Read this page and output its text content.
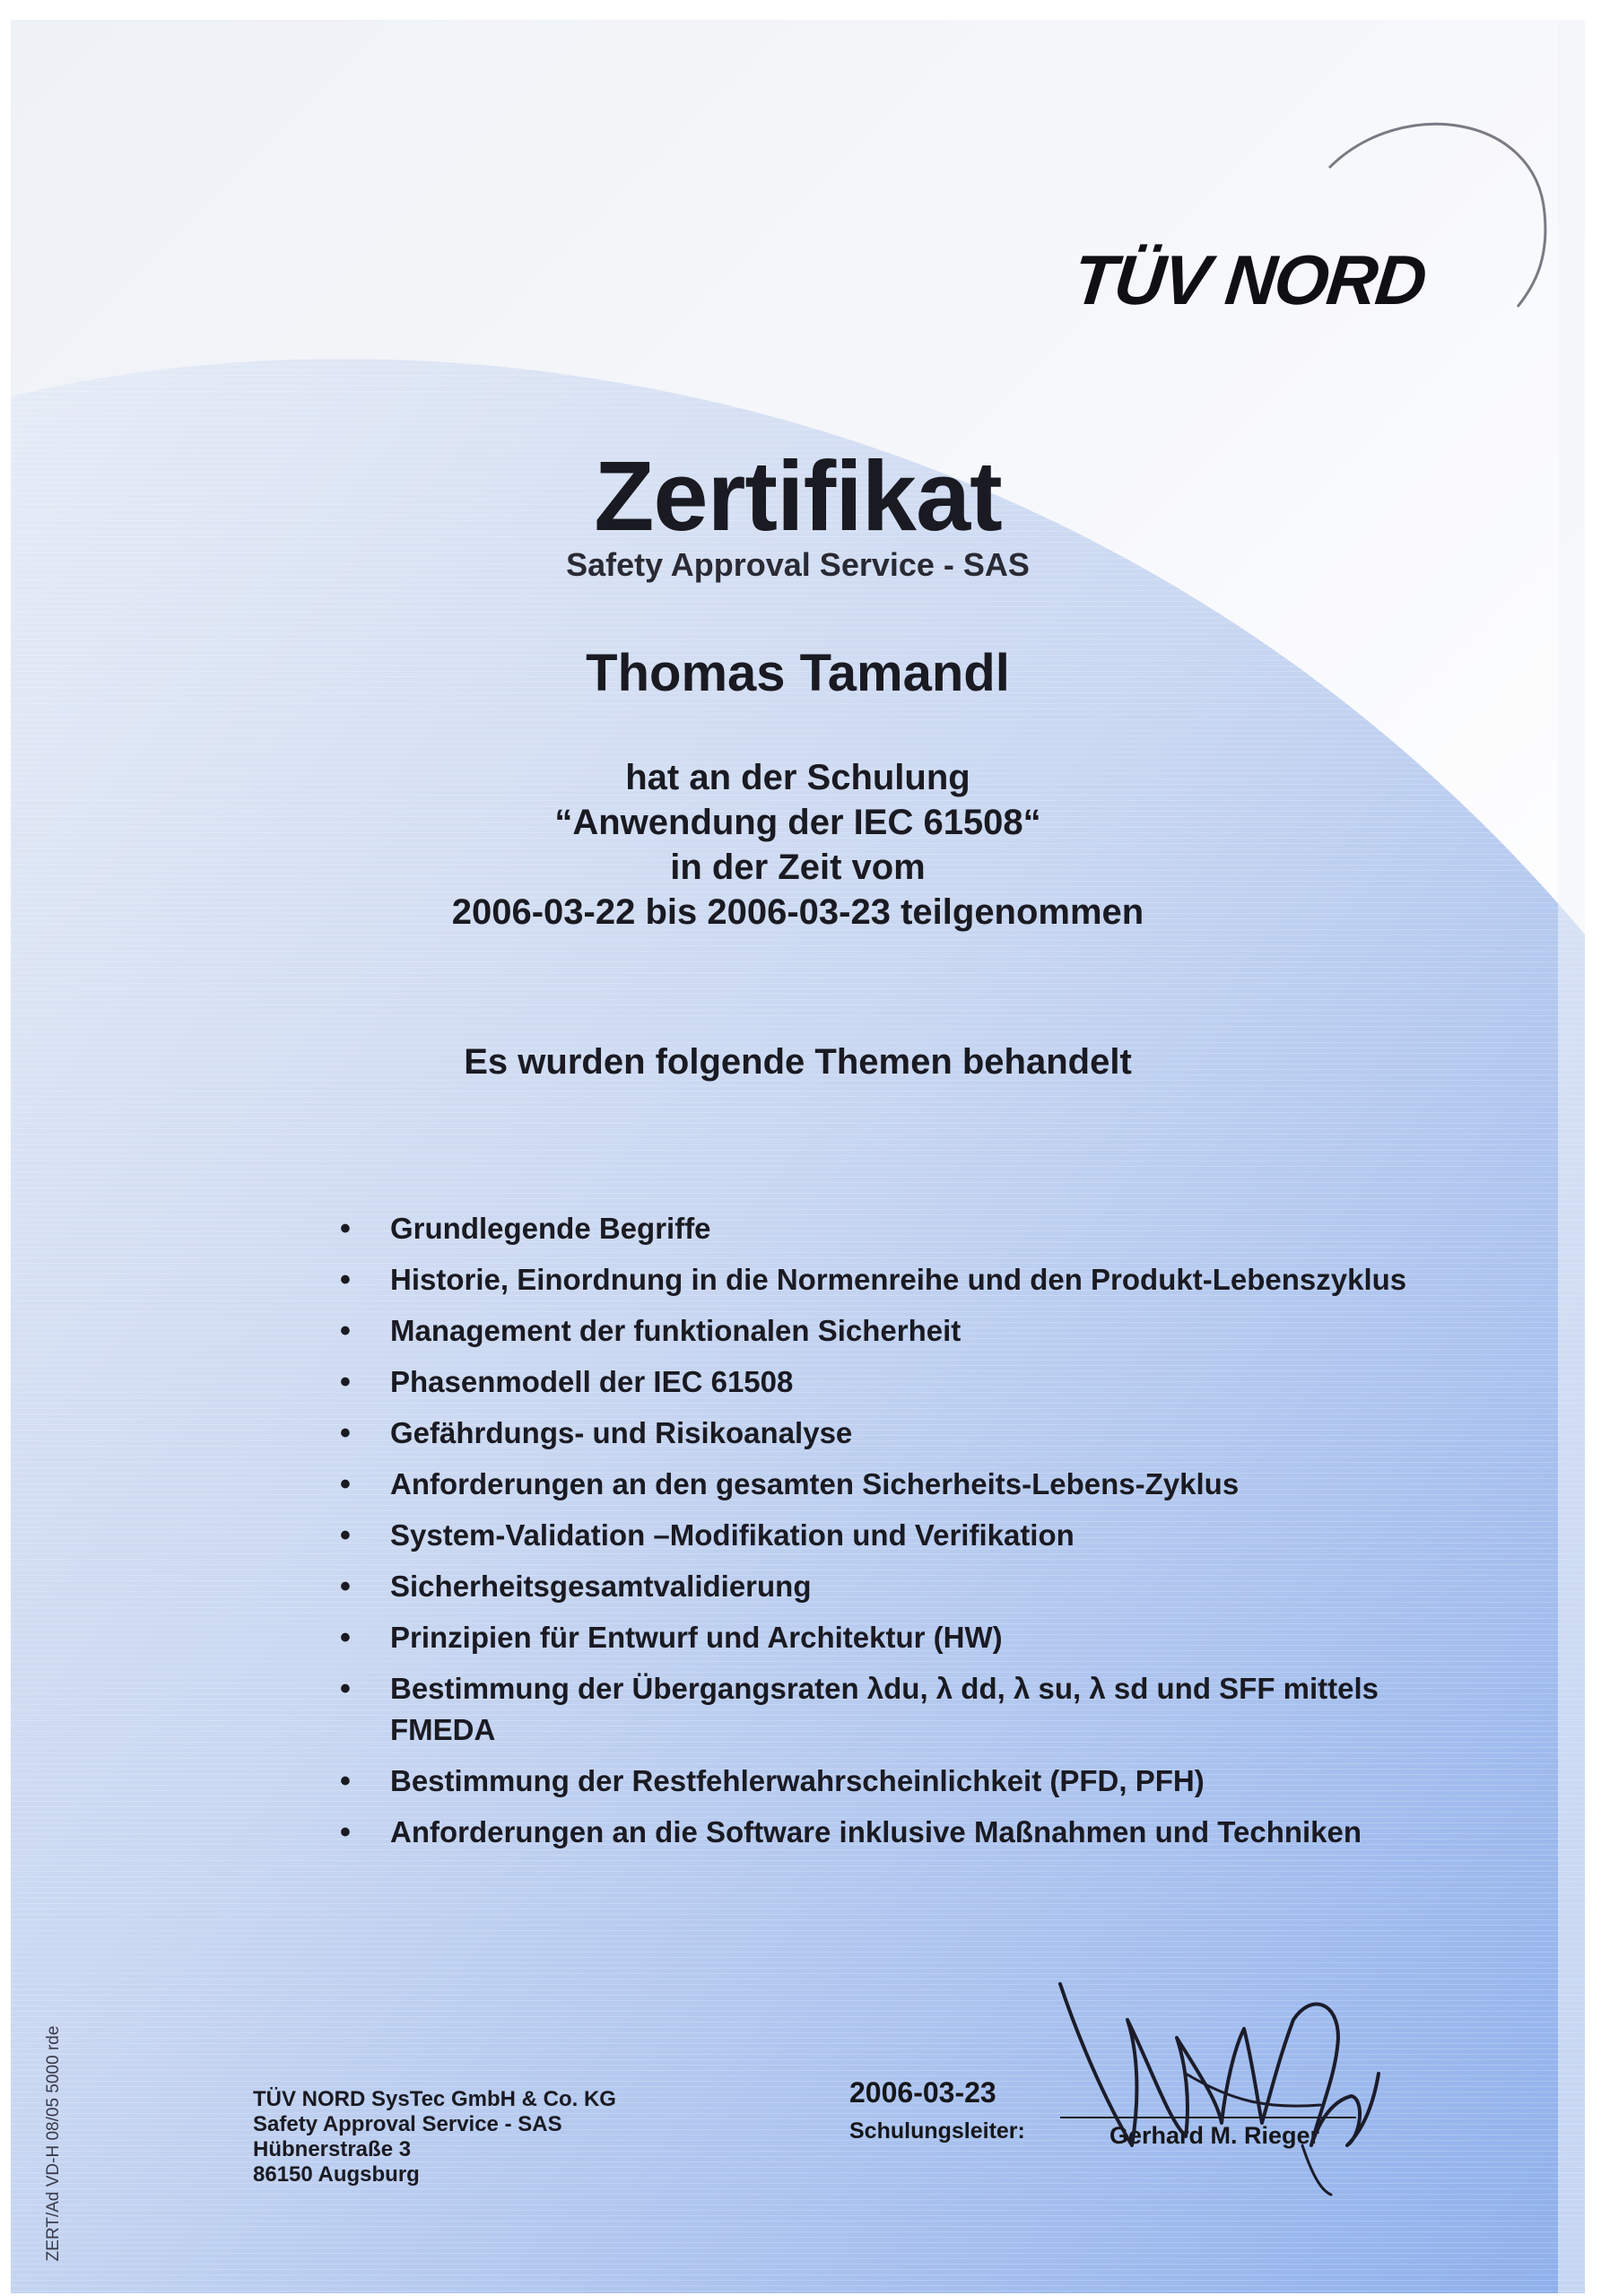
TÜV NORD
Zertifikat
Safety Approval Service - SAS
Thomas Tamandl
hat an der Schulung
“Anwendung der IEC 61508“
in der Zeit vom
2006-03-22 bis 2006-03-23 teilgenommen
Es wurden folgende Themen behandelt
• Grundlegende Begriffe
• Historie, Einordnung in die Normenreihe und den Produkt-Lebenszyklus
• Management der funktionalen Sicherheit
• Phasenmodell der IEC 61508
• Gefährdungs- und Risikoanalyse
• Anforderungen an den gesamten Sicherheits-Lebens-Zyklus
• System-Validation –Modifikation und Verifikation
• Sicherheitsgesamtvalidierung
• Prinzipien für Entwurf und Architektur (HW)
• Bestimmung der Übergangsraten λdu, λ dd, λ su, λ sd und SFF mittels FMEDA
• Bestimmung der Restfehlerwahrscheinlichkeit (PFD, PFH)
• Anforderungen an die Software inklusive Maßnahmen und Techniken
TÜV NORD SysTec GmbH & Co. KG
Safety Approval Service - SAS
Hübnerstraße 3
86150 Augsburg
2006-03-23
Schulungsleiter:	Gerhard M. Rieger
ZERT/Ad VD-H 08/05 5000 rde
